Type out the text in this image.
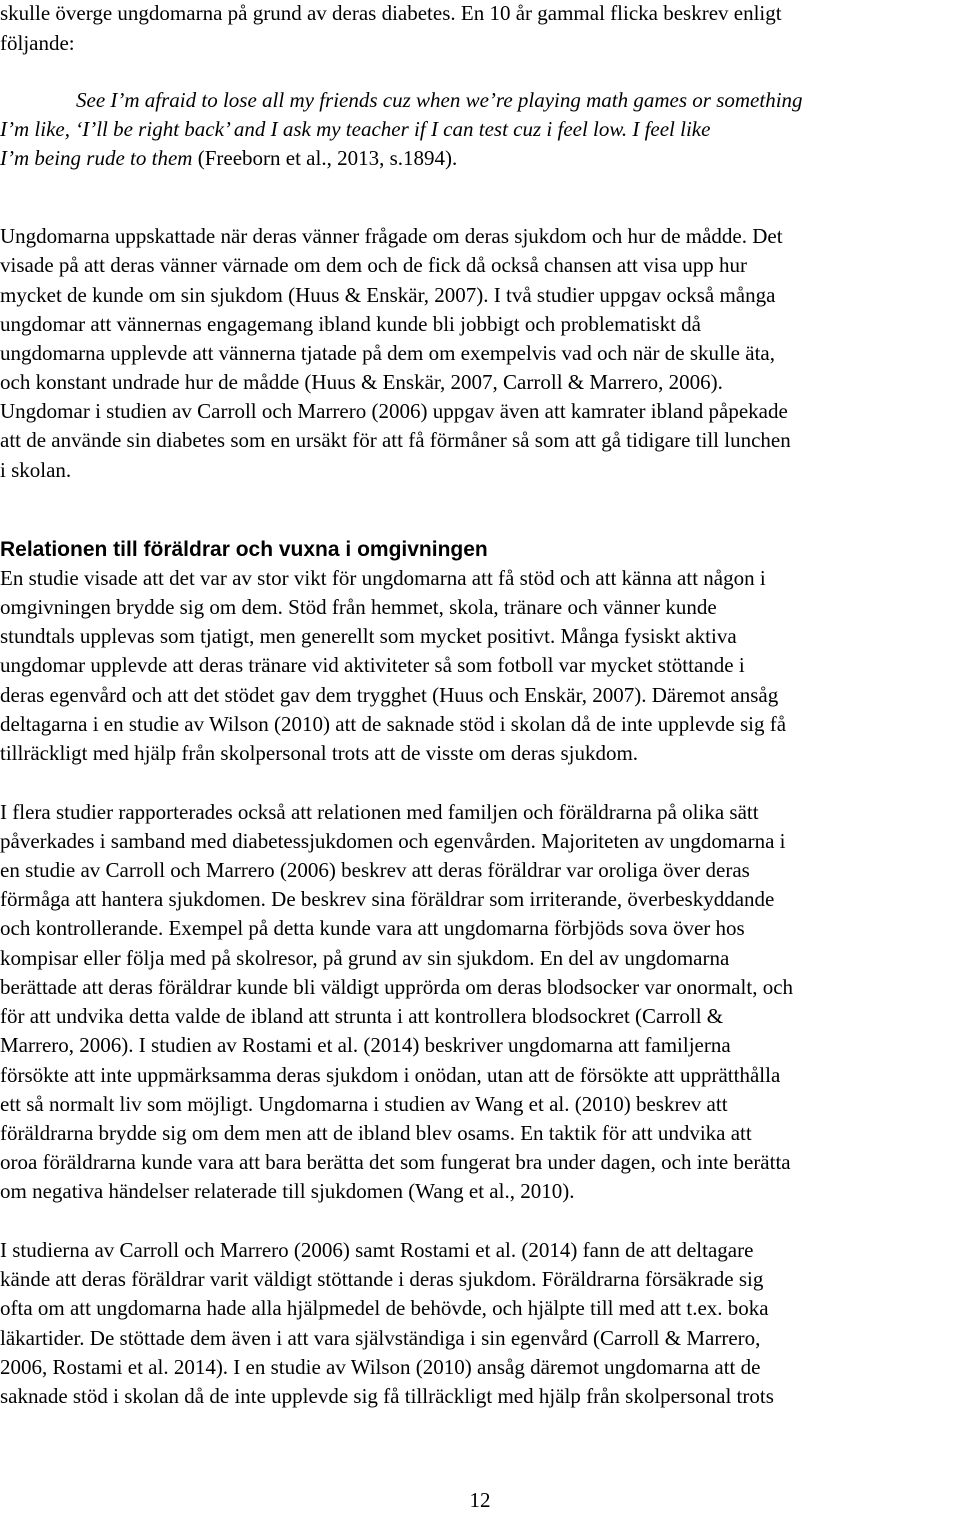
skulle överge ungdomarna på grund av deras diabetes. En 10 år gammal flicka beskrev enligt

följande:

See I’m afraid to lose all my friends cuz when we’re playing math games or something

I’m like, ‘I’ll be right back’ and I ask my teacher if I can test cuz i feel low. I feel like

I’m being rude to them (Freeborn et al., 2013, s.1894).

Ungdomarna uppskattade när deras vänner frågade om deras sjukdom och hur de mådde. Det

visade på att deras vänner värnade om dem och de fick då också chansen att visa upp hur

mycket de kunde om sin sjukdom (Huus & Enskär, 2007). I två studier uppgav också många

ungdomar att vännernas engagemang ibland kunde bli jobbigt och problematiskt då

ungdomarna upplevde att vännerna tjatade på dem om exempelvis vad och när de skulle äta,

och konstant undrade hur de mådde (Huus & Enskär, 2007, Carroll & Marrero, 2006).

Ungdomar i studien av Carroll och Marrero (2006) uppgav även att kamrater ibland påpekade

att de använde sin diabetes som en ursäkt för att få förmåner så som att gå tidigare till lunchen

i skolan.

Relationen till föräldrar och vuxna i omgivningen

En studie visade att det var av stor vikt för ungdomarna att få stöd och att känna att någon i

omgivningen brydde sig om dem. Stöd från hemmet, skola, tränare och vänner kunde

stundtals upplevas som tjatigt, men generellt som mycket positivt. Många fysiskt aktiva

ungdomar upplevde att deras tränare vid aktiviteter så som fotboll var mycket stöttande i

deras egenvård och att det stödet gav dem trygghet (Huus och Enskär, 2007). Däremot ansåg

deltagarna i en studie av Wilson (2010) att de saknade stöd i skolan då de inte upplevde sig få

tillräckligt med hjälp från skolpersonal trots att de visste om deras sjukdom.

I flera studier rapporterades också att relationen med familjen och föräldrarna på olika sätt

påverkades i samband med diabetessjukdomen och egenvården. Majoriteten av ungdomarna i

en studie av Carroll och Marrero (2006) beskrev att deras föräldrar var oroliga över deras

förmåga att hantera sjukdomen. De beskrev sina föräldrar som irriterande, överbeskyddande

och kontrollerande. Exempel på detta kunde vara att ungdomarna förbjöds sova över hos

kompisar eller följa med på skolresor, på grund av sin sjukdom. En del av ungdomarna

berättade att deras föräldrar kunde bli väldigt upprörda om deras blodsocker var onormalt, och

för att undvika detta valde de ibland att strunta i att kontrollera blodsockret (Carroll &

Marrero, 2006). I studien av Rostami et al. (2014) beskriver ungdomarna att familjerna

försökte att inte uppmärksamma deras sjukdom i onödan, utan att de försökte att upprätthålla

ett så normalt liv som möjligt. Ungdomarna i studien av Wang et al. (2010) beskrev att

föräldrarna brydde sig om dem men att de ibland blev osams. En taktik för att undvika att

oroa föräldrarna kunde vara att bara berätta det som fungerat bra under dagen, och inte berätta

om negativa händelser relaterade till sjukdomen (Wang et al., 2010).

I studierna av Carroll och Marrero (2006) samt Rostami et al. (2014) fann de att deltagare

kände att deras föräldrar varit väldigt stöttande i deras sjukdom. Föräldrarna försäkrade sig

ofta om att ungdomarna hade alla hjälpmedel de behövde, och hjälpte till med att t.ex. boka

läkartider. De stöttade dem även i att vara självständiga i sin egenvård (Carroll & Marrero,

2006, Rostami et al. 2014). I en studie av Wilson (2010) ansåg däremot ungdomarna att de

saknade stöd i skolan då de inte upplevde sig få tillräckligt med hjälp från skolpersonal trots

12
